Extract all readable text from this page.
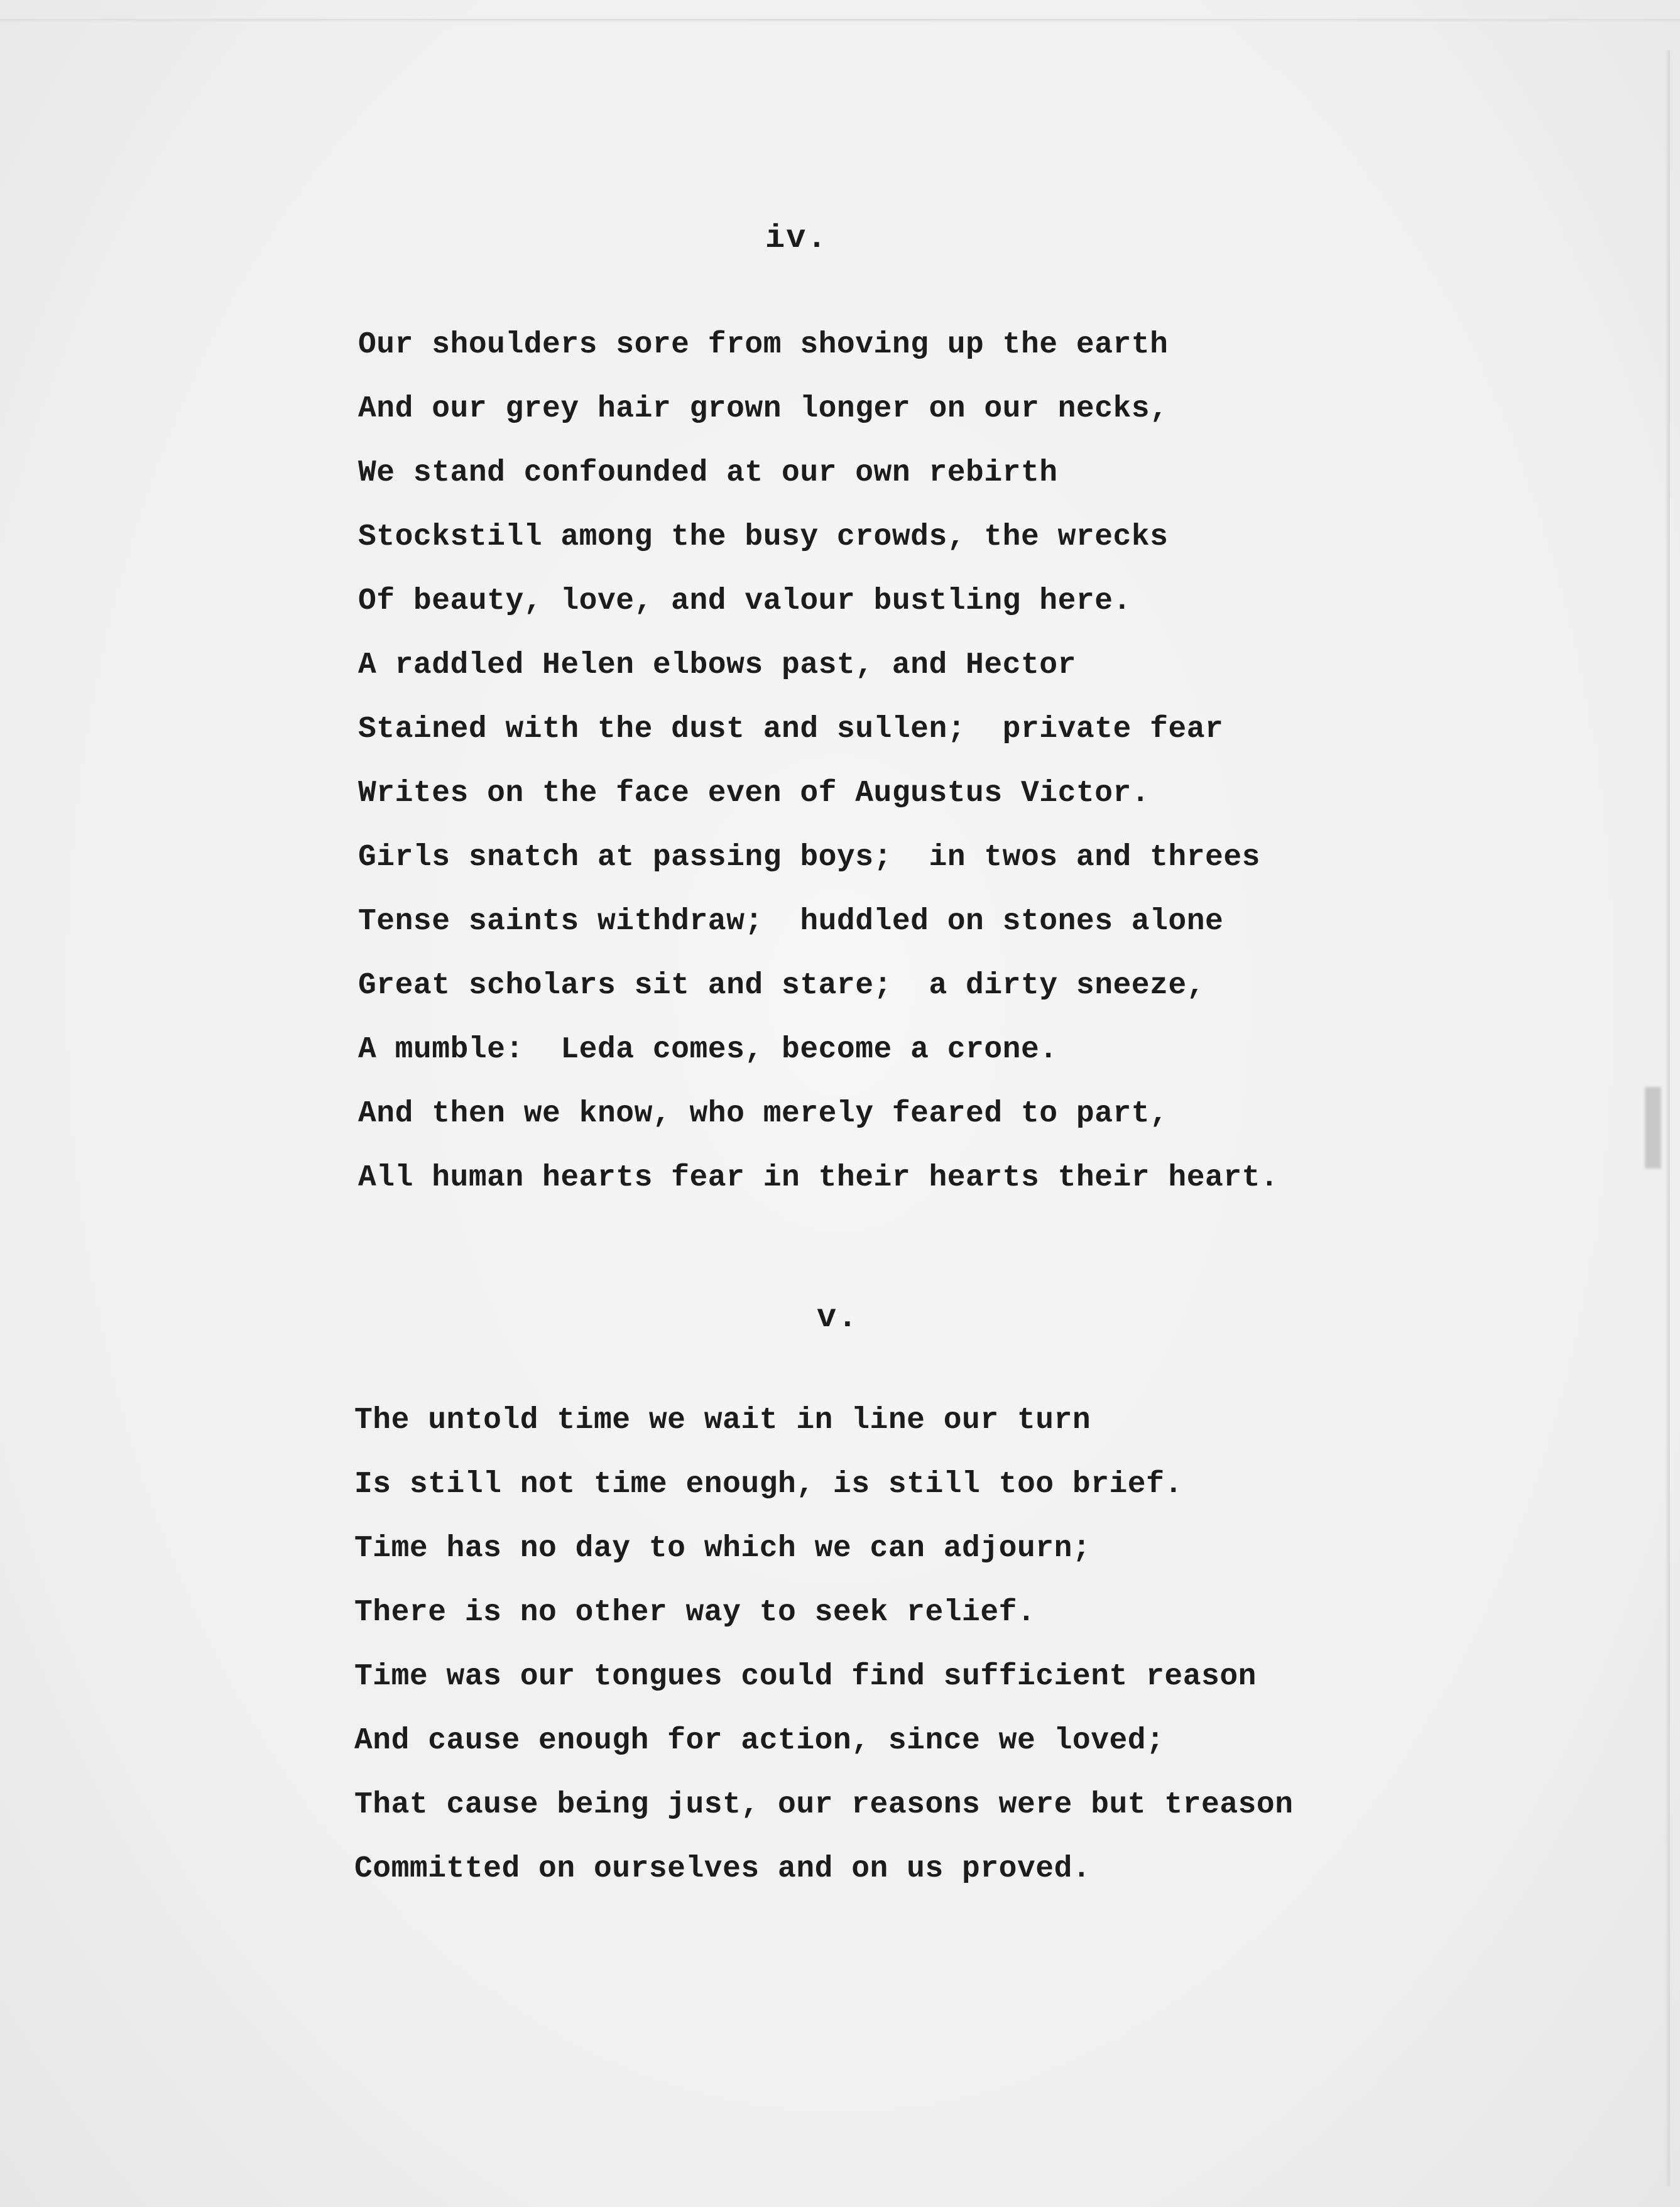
iv.
Our shoulders sore from shoving up the earth
And our grey hair grown longer on our necks,
We stand confounded at our own rebirth
Stockstill among the busy crowds, the wrecks
Of beauty, love, and valour bustling here.
A raddled Helen elbows past, and Hector
Stained with the dust and sullen;  private fear
Writes on the face even of Augustus Victor.
Girls snatch at passing boys;  in twos and threes
Tense saints withdraw;  huddled on stones alone
Great scholars sit and stare;  a dirty sneeze,
A mumble:  Leda comes, become a crone.
And then we know, who merely feared to part,
All human hearts fear in their hearts their heart.
v.
The untold time we wait in line our turn
Is still not time enough, is still too brief.
Time has no day to which we can adjourn;
There is no other way to seek relief.
Time was our tongues could find sufficient reason
And cause enough for action, since we loved;
That cause being just, our reasons were but treason
Committed on ourselves and on us proved.
